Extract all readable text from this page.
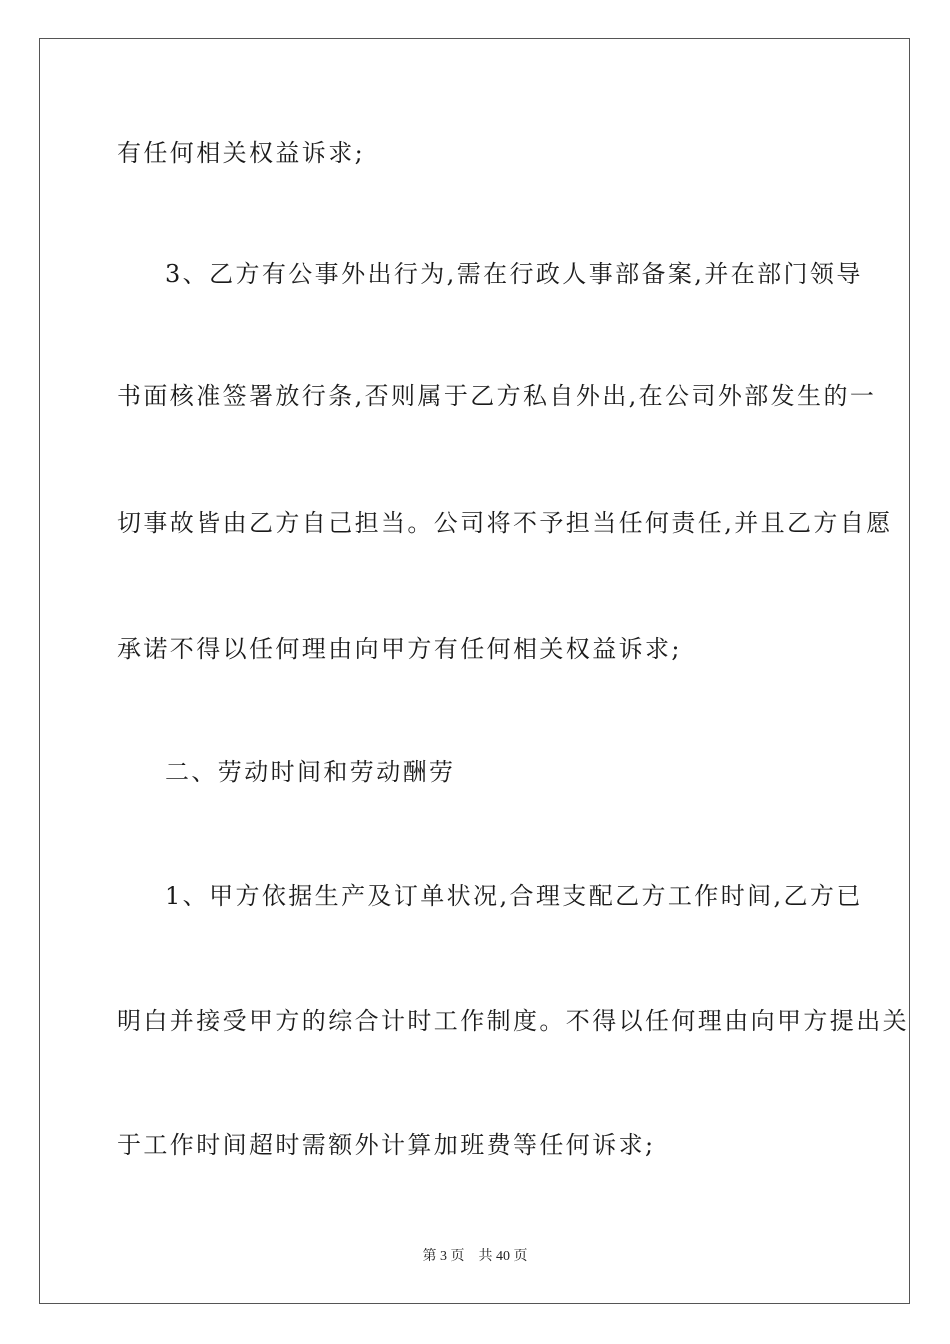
有任何相关权益诉求;
3、乙方有公事外出行为,需在行政人事部备案,并在部门领导
书面核准签署放行条,否则属于乙方私自外出,在公司外部发生的一
切事故皆由乙方自己担当。公司将不予担当任何责任,并且乙方自愿
承诺不得以任何理由向甲方有任何相关权益诉求;
二、劳动时间和劳动酬劳
1、甲方依据生产及订单状况,合理支配乙方工作时间,乙方已
明白并接受甲方的综合计时工作制度。不得以任何理由向甲方提出关
于工作时间超时需额外计算加班费等任何诉求;
第 3 页 共 40 页
